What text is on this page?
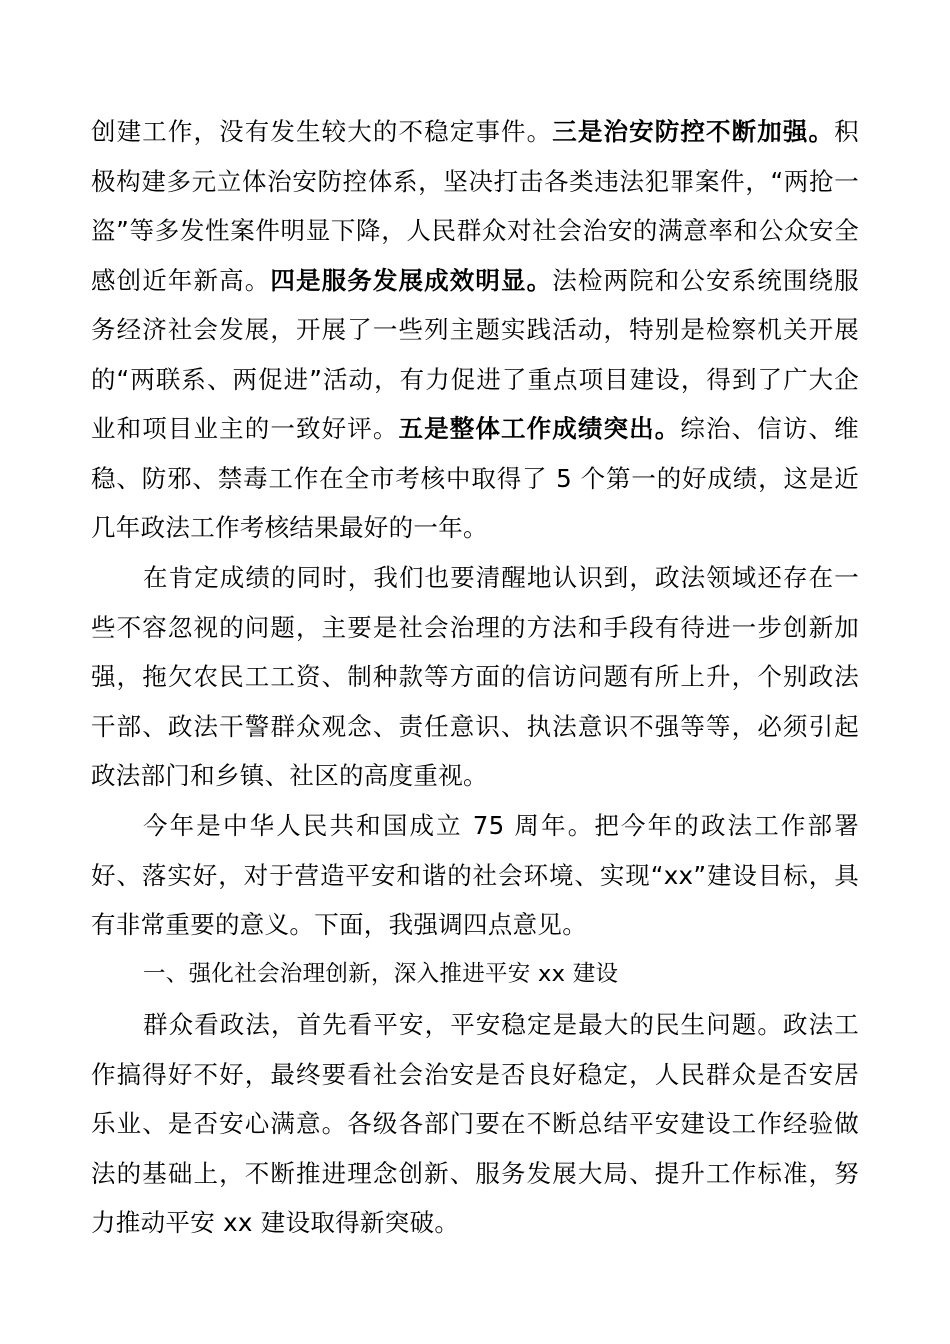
创建工作，没有发生较大的不稳定事件。三是治安防控不断加强。积极构建多元立体治安防控体系，坚决打击各类违法犯罪案件，“两抢一盗”等多发性案件明显下降，人民群众对社会治安的满意率和公众安全感创近年新高。四是服务发展成效明显。法检两院和公安系统围绕服务经济社会发展，开展了一些列主题实践活动，特别是检察机关开展的“两联系、两促进”活动，有力促进了重点项目建设，得到了广大企业和项目业主的一致好评。五是整体工作成绩突出。综治、信访、维稳、防邪、禁毒工作在全市考核中取得了 5 个第一的好成绩，这是近几年政法工作考核结果最好的一年。

在肯定成绩的同时，我们也要清醒地认识到，政法领域还存在一些不容忽视的问题，主要是社会治理的方法和手段有待进一步创新加强，拖欠农民工工资、制种款等方面的信访问题有所上升，个别政法干部、政法干警群众观念、责任意识、执法意识不强等等，必须引起政法部门和乡镇、社区的高度重视。

今年是中华人民共和国成立 75 周年。把今年的政法工作部署好、落实好，对于营造平安和谐的社会环境、实现“xx”建设目标，具有非常重要的意义。下面，我强调四点意见。

一、强化社会治理创新，深入推进平安 xx 建设

群众看政法，首先看平安，平安稳定是最大的民生问题。政法工作搞得好不好，最终要看社会治安是否良好稳定，人民群众是否安居乐业、是否安心满意。各级各部门要在不断总结平安建设工作经验做法的基础上，不断推进理念创新、服务发展大局、提升工作标准，努力推动平安 xx 建设取得新突破。
